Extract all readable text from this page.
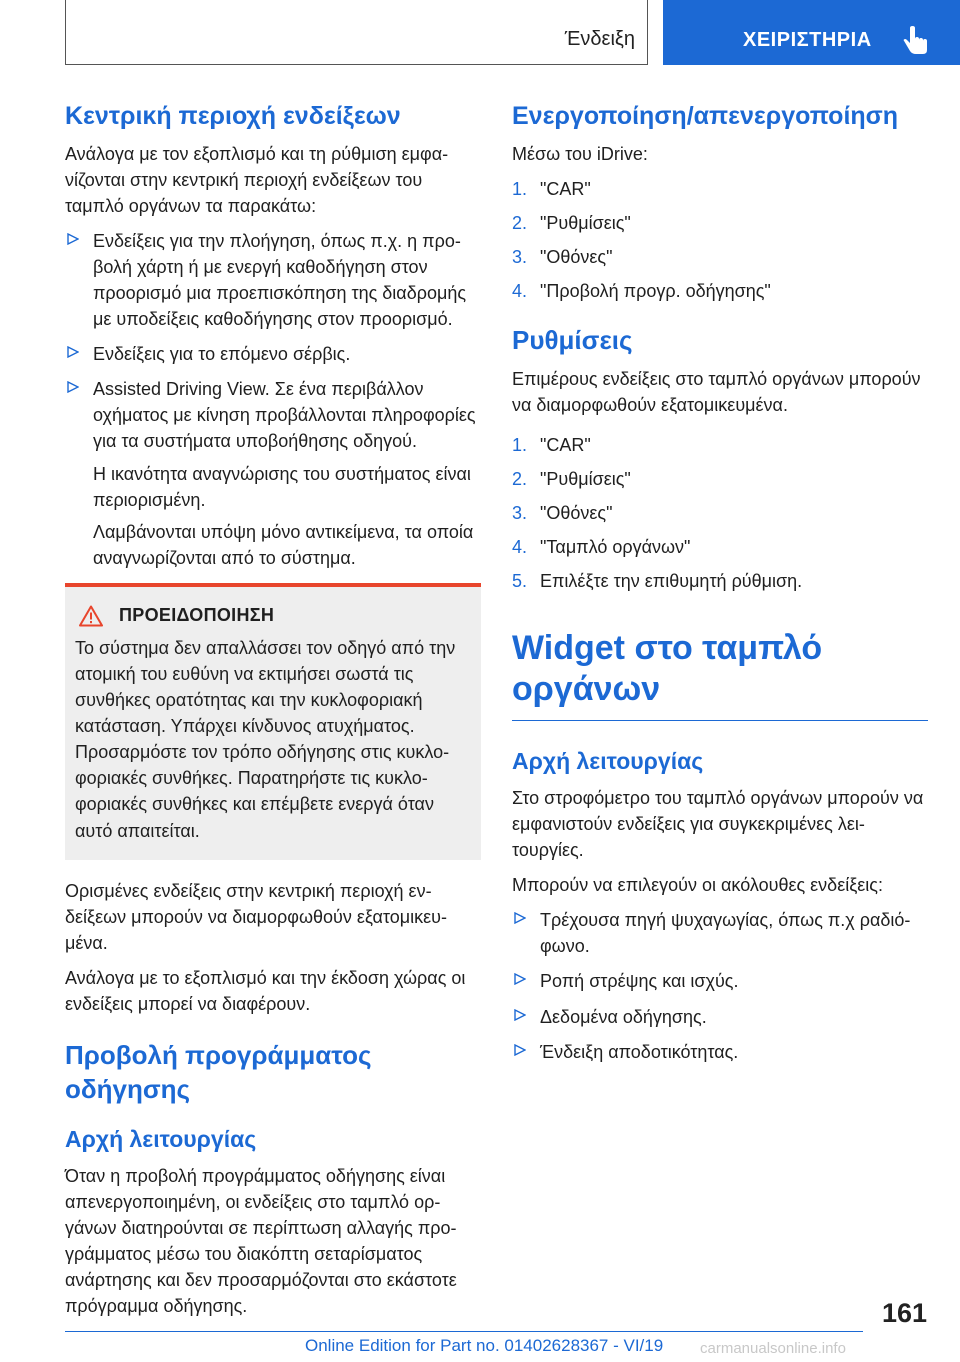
Ένδειξη	ΧΕΙΡΙΣΤΗΡΙΑ
Κεντρική περιοχή ενδείξεων

Ανάλογα με τον εξοπλισμό και τη ρύθμιση εμφανίζονται στην κεντρική περιοχή ενδείξεων του ταμπλό οργάνων τα παρακάτω:

Ενδείξεις για την πλοήγηση, όπως π.χ. η προβολή χάρτη ή με ενεργή καθοδήγηση στον προορισμό μια προεπισκόπηση της διαδρομής με υποδείξεις καθοδήγησης στον προορισμό.
Ενδείξεις για το επόμενο σέρβις.
Assisted Driving View. Σε ένα περιβάλλον οχήματος με κίνηση προβάλλονται πληροφορίες για τα συστήματα υποβοήθησης οδηγού.

Η ικανότητα αναγνώρισης του συστήματος είναι περιορισμένη.

Λαμβάνονται υπόψη μόνο αντικείμενα, τα οποία αναγνωρίζονται από το σύστημα.

ΠΡΟΕΙΔΟΠΟΙΗΣΗ

Το σύστημα δεν απαλλάσσει τον οδηγό από την ατομική του ευθύνη να εκτιμήσει σωστά τις συνθήκες ορατότητας και την κυκλοφοριακή κατάσταση. Υπάρχει κίνδυνος ατυχήματος. Προσαρμόστε τον τρόπο οδήγησης στις κυκλοφοριακές συνθήκες. Παρατηρήστε τις κυκλοφοριακές συνθήκες και επέμβετε ενεργά όταν αυτό απαιτείται.

Ορισμένες ενδείξεις στην κεντρική περιοχή ενδείξεων μπορούν να διαμορφωθούν εξατομικευμένα.

Ανάλογα με το εξοπλισμό και την έκδοση χώρας οι ενδείξεις μπορεί να διαφέρουν.

Προβολή προγράμματος οδήγησης
Αρχή λειτουργίας

Όταν η προβολή προγράμματος οδήγησης είναι απενεργοποιημένη, οι ενδείξεις στο ταμπλό οργάνων διατηρούνται σε περίπτωση αλλαγής προγράμματος μέσω του διακόπτη σεταρίσματος ανάρτησης και δεν προσαρμόζονται στο εκάστοτε πρόγραμμα οδήγησης.

Ενεργοποίηση/απενεργοποίηση

Μέσω του iDrive:

1. "CAR"
2. "Ρυθμίσεις"
3. "Οθόνες"
4. "Προβολή προγρ. οδήγησης"
Ρυθμίσεις

Επιμέρους ενδείξεις στο ταμπλό οργάνων μπορούν να διαμορφωθούν εξατομικευμένα.

1. "CAR"
2. "Ρυθμίσεις"
3. "Οθόνες"
4. "Ταμπλό οργάνων"
5. Επιλέξτε την επιθυμητή ρύθμιση.
Widget στο ταμπλό οργάνων
Αρχή λειτουργίας

Στο στροφόμετρο του ταμπλό οργάνων μπορούν να εμφανιστούν ενδείξεις για συγκεκριμένες λειτουργίες.

Μπορούν να επιλεγούν οι ακόλουθες ενδείξεις:

Τρέχουσα πηγή ψυχαγωγίας, όπως π.χ ραδιόφωνο.
Ροπή στρέψης και ισχύς.
Δεδομένα οδήγησης.
Ένδειξη αποδοτικότητας.
161
Online Edition for Part no. 01402628367 - VI/19 carmanualsonline.info
